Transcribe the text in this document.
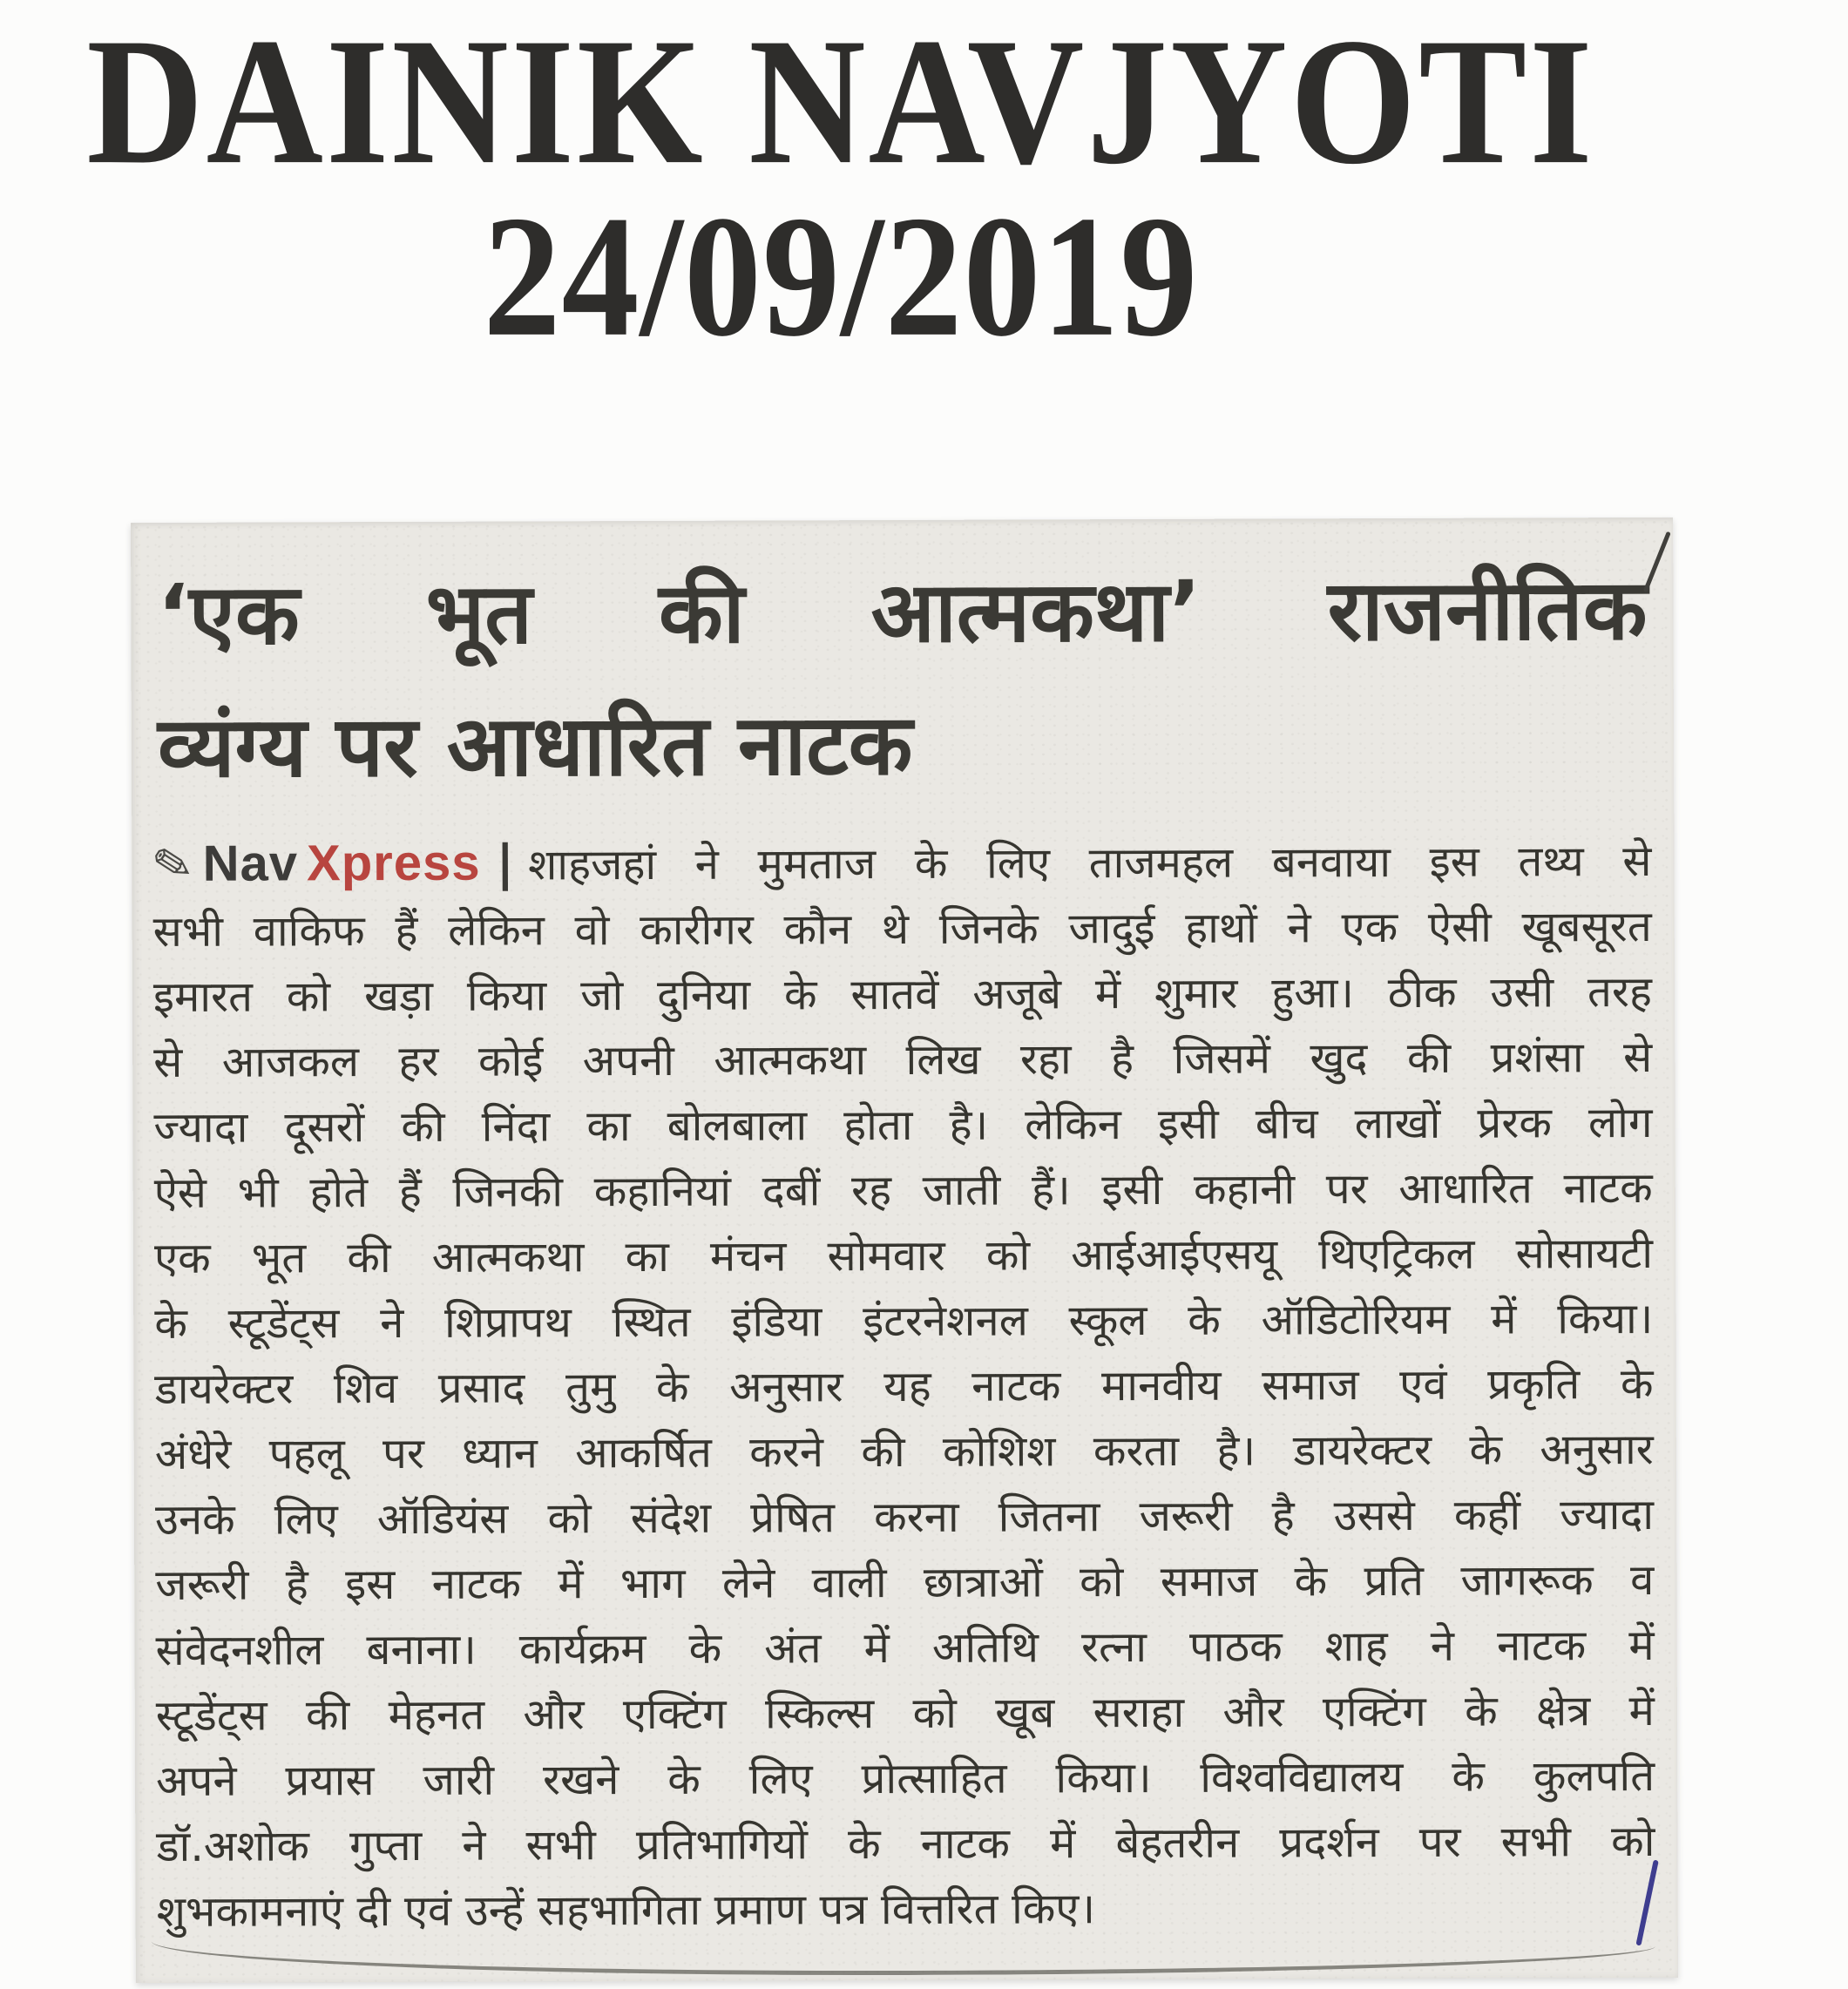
DAINIK NAVJYOTI
24/09/2019
‘एक भूत की आत्मकथा’ राजनीतिक
व्यंग्य पर आधारित नाटक
✎Nav Xpress | शाहजहां ने मुमताज के लिए ताजमहल बनवाया इस तथ्य से
सभी वाकिफ हैं लेकिन वो कारीगर कौन थे जिनके जादुई हाथों ने एक ऐसी खूबसूरत
इमारत को खड़ा किया जो दुनिया के सातवें अजूबे में शुमार हुआ। ठीक उसी तरह
से आजकल हर कोई अपनी आत्मकथा लिख रहा है जिसमें खुद की प्रशंसा से
ज्यादा दूसरों की निंदा का बोलबाला होता है। लेकिन इसी बीच लाखों प्रेरक लोग
ऐसे भी होते हैं जिनकी कहानियां दबीं रह जाती हैं। इसी कहानी पर आधारित नाटक
एक भूत की आत्मकथा का मंचन सोमवार को आईआईएसयू थिएट्रिकल सोसायटी
के स्टूडेंट्स ने शिप्रापथ स्थित इंडिया इंटरनेशनल स्कूल के ऑडिटोरियम में किया।
डायरेक्टर शिव प्रसाद तुमु के अनुसार यह नाटक मानवीय समाज एवं प्रकृति के
अंधेरे पहलू पर ध्यान आकर्षित करने की कोशिश करता है। डायरेक्टर के अनुसार
उनके लिए ऑडियंस को संदेश प्रेषित करना जितना जरूरी है उससे कहीं ज्यादा
जरूरी है इस नाटक में भाग लेने वाली छात्राओं को समाज के प्रति जागरूक व
संवेदनशील बनाना। कार्यक्रम के अंत में अतिथि रत्ना पाठक शाह ने नाटक में
स्टूडेंट्स की मेहनत और एक्टिंग स्किल्स को खूब सराहा और एक्टिंग के क्षेत्र में
अपने प्रयास जारी रखने के लिए प्रोत्साहित किया। विश्वविद्यालय के कुलपति
डॉ.अशोक गुप्ता ने सभी प्रतिभागियों के नाटक में बेहतरीन प्रदर्शन पर सभी को
शुभकामनाएं दी एवं उन्हें सहभागिता प्रमाण पत्र वित्तरित किए।
